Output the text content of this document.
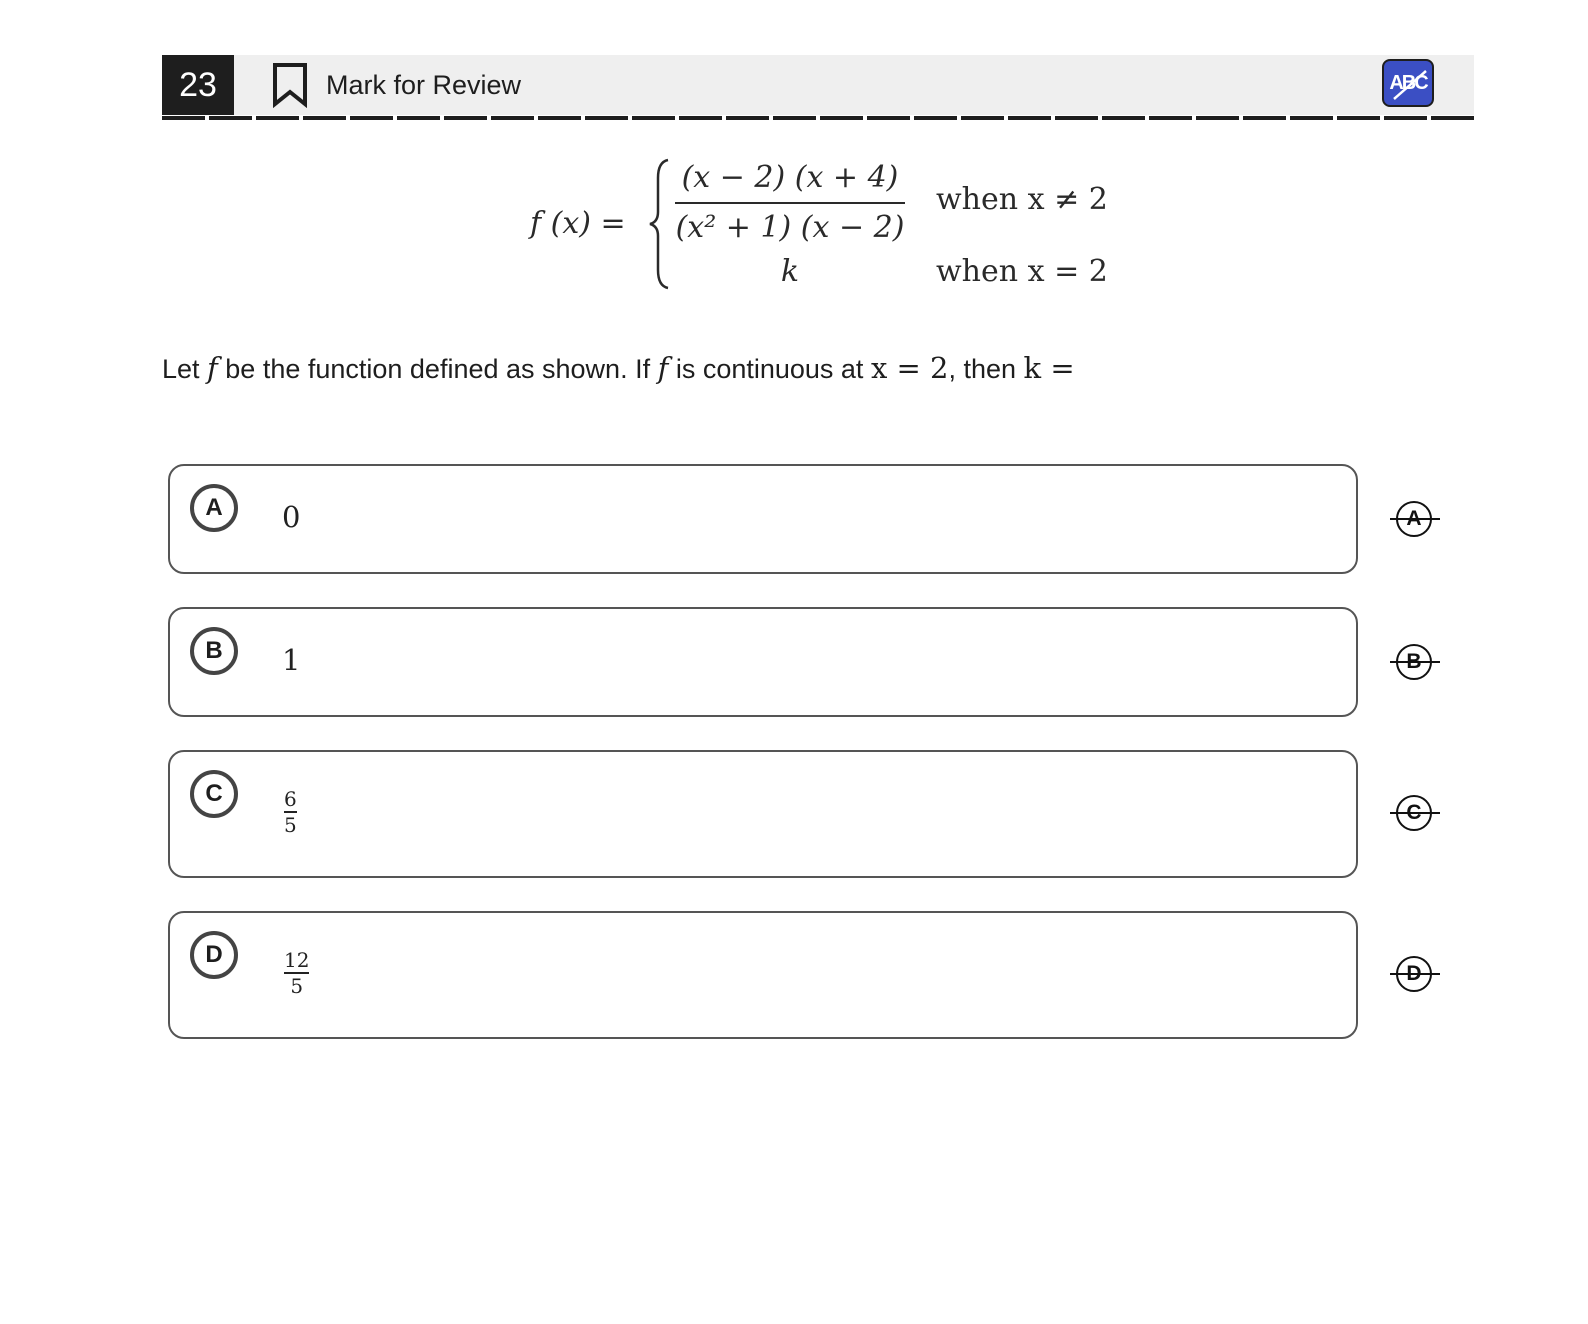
23	Mark for Review	ABC
f (x) =
(x − 2) (x + 4)
(x² + 1) (x − 2)
when x ≠ 2
k	when x = 2
Let f be the function defined as shown. If f is continuous at x = 2, then k =
A	0	A
B	1	B
C	6
5	C
D	12
5	D
